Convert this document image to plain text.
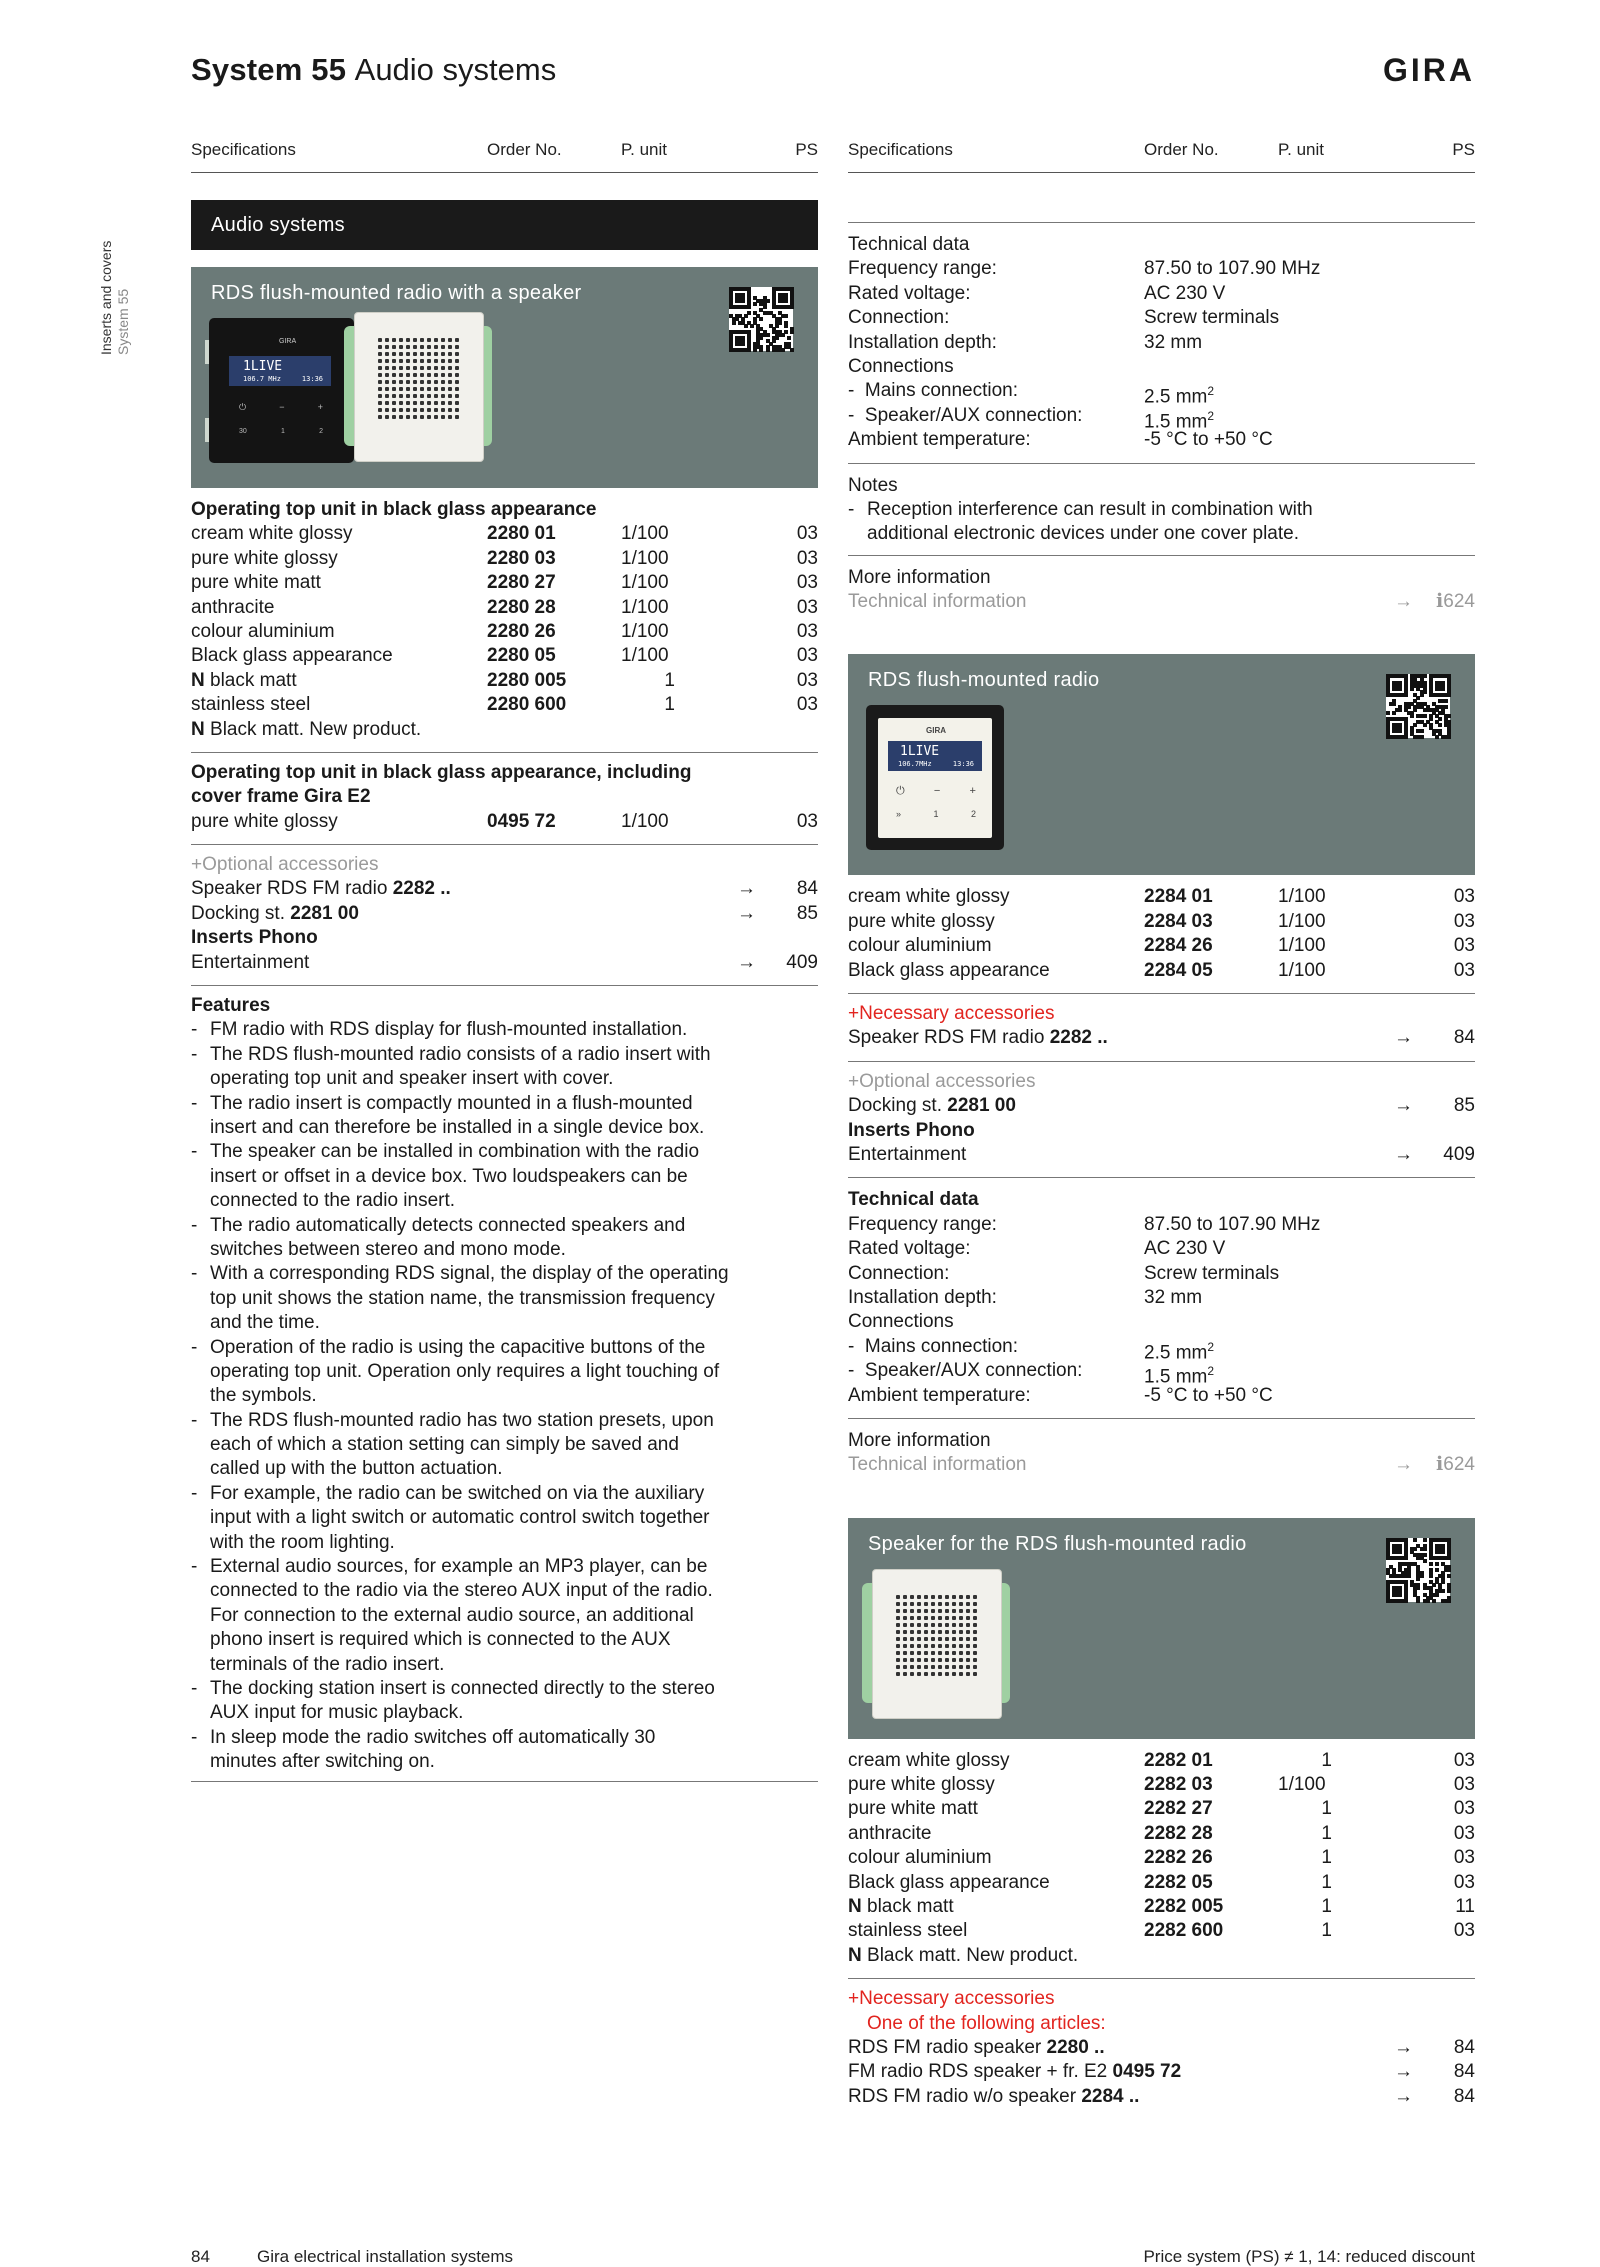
System 55 Audio systems	GIRA
Inserts and covers System 55
Specifications	Order No.	P. unit	PS
Audio systems
RDS flush-mounted radio with a speaker
GIRA
1LIVE
106.7 MHz	13:36
⏻	−	+
30	1	2
Operating top unit in black glass appearance
cream white glossy	2280 01	1/100	03
pure white glossy	2280 03	1/100	03
pure white matt	2280 27	1/100	03
anthracite	2280 28	1/100	03
colour aluminium	2280 26	1/100	03
Black glass appearance	2280 05	1/100	03
N black matt	2280 005	1	03
stainless steel	2280 600	1	03
N Black matt. New product.
Operating top unit in black glass appearance, including
cover frame Gira E2
pure white glossy	0495 72	1/100	03
+Optional accessories
Speaker RDS FM radio 2282 ..	→ 84
Docking st. 2281 00	→ 85
Inserts Phono
Entertainment	→ 409
Features
- FM radio with RDS display for flush-mounted installation.
- The RDS flush-mounted radio consists of a radio insert with
operating top unit and speaker insert with cover.
- The radio insert is compactly mounted in a flush-mounted
insert and can therefore be installed in a single device box.
- The speaker can be installed in combination with the radio
insert or offset in a device box. Two loudspeakers can be
connected to the radio insert.
- The radio automatically detects connected speakers and
switches between stereo and mono mode.
- With a corresponding RDS signal, the display of the operating
top unit shows the station name, the transmission frequency
and the time.
- Operation of the radio is using the capacitive buttons of the
operating top unit. Operation only requires a light touching of
the symbols.
- The RDS flush-mounted radio has two station presets, upon
each of which a station setting can simply be saved and
called up with the button actuation.
- For example, the radio can be switched on via the auxiliary
input with a light switch or automatic control switch together
with the room lighting.
- External audio sources, for example an MP3 player, can be
connected to the radio via the stereo AUX input of the radio.
For connection to the external audio source, an additional
phono insert is required which is connected to the AUX
terminals of the radio insert.
- The docking station insert is connected directly to the stereo
AUX input for music playback.
- In sleep mode the radio switches off automatically 30
minutes after switching on.
Specifications	Order No.	P. unit	PS
Technical data
Frequency range:	87.50 to 107.90 MHz
Rated voltage:	AC 230 V
Connection:	Screw terminals
Installation depth:	32 mm
Connections
-  Mains connection:	2.5 $mm^2$
-  Speaker/AUX connection:	1.5 $mm^2$
Ambient temperature:	-5 °C to +50 °C
Notes
- Reception interference can result in combination with
additional electronic devices under one cover plate.
More information
Technical information	→ ℹ624
RDS flush-mounted radio
GIRA
1LIVE
106.7MHz	13:36
⏻	−	+
»	1	2
cream white glossy	2284 01	1/100	03
pure white glossy	2284 03	1/100	03
colour aluminium	2284 26	1/100	03
Black glass appearance	2284 05	1/100	03
+Necessary accessories
Speaker RDS FM radio 2282 ..	→ 84
+Optional accessories
Docking st. 2281 00	→ 85
Inserts Phono
Entertainment	→ 409
Technical data
Frequency range:	87.50 to 107.90 MHz
Rated voltage:	AC 230 V
Connection:	Screw terminals
Installation depth:	32 mm
Connections
-  Mains connection:	2.5 $mm^2$
-  Speaker/AUX connection:	1.5 $mm^2$
Ambient temperature:	-5 °C to +50 °C
More information
Technical information	→ ℹ624
Speaker for the RDS flush-mounted radio
cream white glossy	2282 01	1	03
pure white glossy	2282 03	1/100	03
pure white matt	2282 27	1	03
anthracite	2282 28	1	03
colour aluminium	2282 26	1	03
Black glass appearance	2282 05	1	03
N black matt	2282 005	1	11
stainless steel	2282 600	1	03
N Black matt. New product.
+Necessary accessories
One of the following articles:
RDS FM radio speaker 2280 ..	→ 84
FM radio RDS speaker + fr. E2 0495 72	→ 84
RDS FM radio w/o speaker 2284 ..	→ 84
84	Gira electrical installation systems	Price system (PS) ≠ 1, 14: reduced discount
